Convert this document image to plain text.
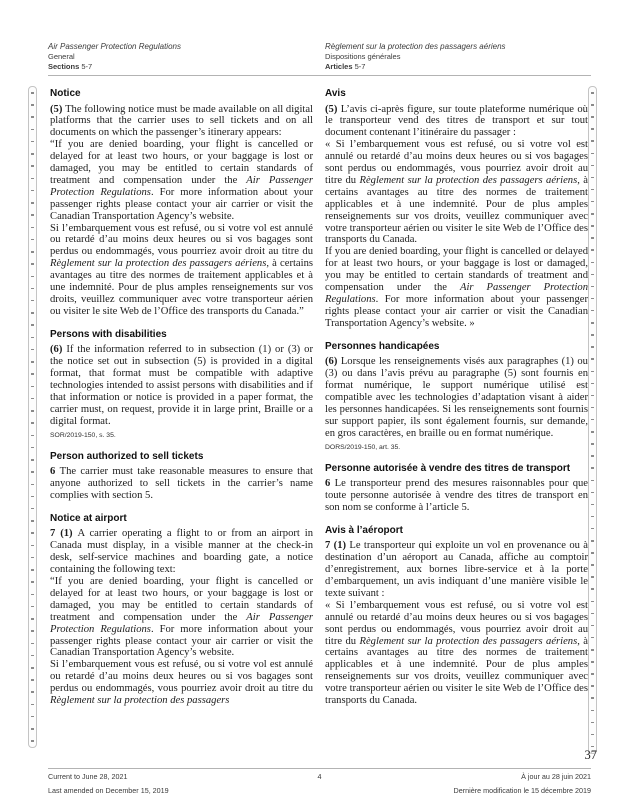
Air Passenger Protection Regulations
General
Sections 5-7
Règlement sur la protection des passagers aériens
Dispositions générales
Articles 5-7
Notice

(5) The following notice must be made available on all digital platforms that the carrier uses to sell tickets and on all documents on which the passenger’s itinerary appears:

“If you are denied boarding, your flight is cancelled or delayed for at least two hours, or your baggage is lost or damaged, you may be entitled to certain standards of treatment and compensation under the Air Passenger Protection Regulations. For more information about your passenger rights please contact your air carrier or visit the Canadian Transportation Agency’s website.

Si l’embarquement vous est refusé, ou si votre vol est annulé ou retardé d’au moins deux heures ou si vos bagages sont perdus ou endommagés, vous pourriez avoir droit au titre du Règlement sur la protection des passagers aériens, à certains avantages au titre des normes de traitement applicables et à une indemnité. Pour de plus amples renseignements sur vos droits, veuillez communiquer avec votre transporteur aérien ou visiter le site Web de l’Office des transports du Canada.”

Persons with disabilities

(6) If the information referred to in subsection (1) or (3) or the notice set out in subsection (5) is provided in a digital format, that format must be compatible with adaptive technologies intended to assist persons with disabilities and if that information or notice is provided in a paper format, the carrier must, on request, provide it in large print, Braille or a digital format.

SOR/2019-150, s. 35.
Person authorized to sell tickets

6 The carrier must take reasonable measures to ensure that anyone authorized to sell tickets in the carrier’s name complies with section 5.

Notice at airport

7 (1) A carrier operating a flight to or from an airport in Canada must display, in a visible manner at the check-in desk, self-service machines and boarding gate, a notice containing the following text:

“If you are denied boarding, your flight is cancelled or delayed for at least two hours, or your baggage is lost or damaged, you may be entitled to certain standards of treatment and compensation under the Air Passenger Protection Regulations. For more information about your passenger rights please contact your air carrier or visit the Canadian Transportation Agency’s website.

Si l’embarquement vous est refusé, ou si votre vol est annulé ou retardé d’au moins deux heures ou si vos bagages sont perdus ou endommagés, vous pourriez avoir droit au titre du Règlement sur la protection des passagers

Avis

(5) L’avis ci-après figure, sur toute plateforme numérique où le transporteur vend des titres de transport et sur tout document contenant l’itinéraire du passager :

« Si l’embarquement vous est refusé, ou si votre vol est annulé ou retardé d’au moins deux heures ou si vos bagages sont perdus ou endommagés, vous pourriez avoir droit au titre du Règlement sur la protection des passagers aériens, à certains avantages au titre des normes de traitement applicables et à une indemnité. Pour de plus amples renseignements sur vos droits, veuillez communiquer avec votre transporteur aérien ou visiter le site Web de l’Office des transports du Canada.

If you are denied boarding, your flight is cancelled or delayed for at least two hours, or your baggage is lost or damaged, you may be entitled to certain standards of treatment and compensation under the Air Passenger Protection Regulations. For more information about your passenger rights please contact your air carrier or visit the Canadian Transportation Agency’s website. »

Personnes handicapées

(6) Lorsque les renseignements visés aux paragraphes (1) ou (3) ou dans l’avis prévu au paragraphe (5) sont fournis en format numérique, le support numérique utilisé est compatible avec les technologies d’adaptation visant à aider les personnes handicapées. Si les renseignements sont fournis sur support papier, ils sont également fournis, sur demande, en gros caractères, en braille ou en format numérique.

DORS/2019-150, art. 35.
Personne autorisée à vendre des titres de transport

6 Le transporteur prend des mesures raisonnables pour que toute personne autorisée à vendre des titres de transport en son nom se conforme à l’article 5.

Avis à l’aéroport

7 (1) Le transporteur qui exploite un vol en provenance ou à destination d’un aéroport au Canada, affiche au comptoir d’enregistrement, aux bornes libre-service et à la porte d’embarquement, un avis indiquant d’une manière visible le texte suivant :

« Si l’embarquement vous est refusé, ou si votre vol est annulé ou retardé d’au moins deux heures ou si vos bagages sont perdus ou endommagés, vous pourriez avoir droit au titre du Règlement sur la protection des passagers aériens, à certains avantages au titre des normes de traitement applicables et à une indemnité. Pour de plus amples renseignements sur vos droits, veuillez communiquer avec votre transporteur aérien ou visiter le site Web de l’Office des transports du Canada.

37
Current to June 28, 2021	4	À jour au 28 juin 2021
Last amended on December 15, 2019	Dernière modification le 15 décembre 2019
